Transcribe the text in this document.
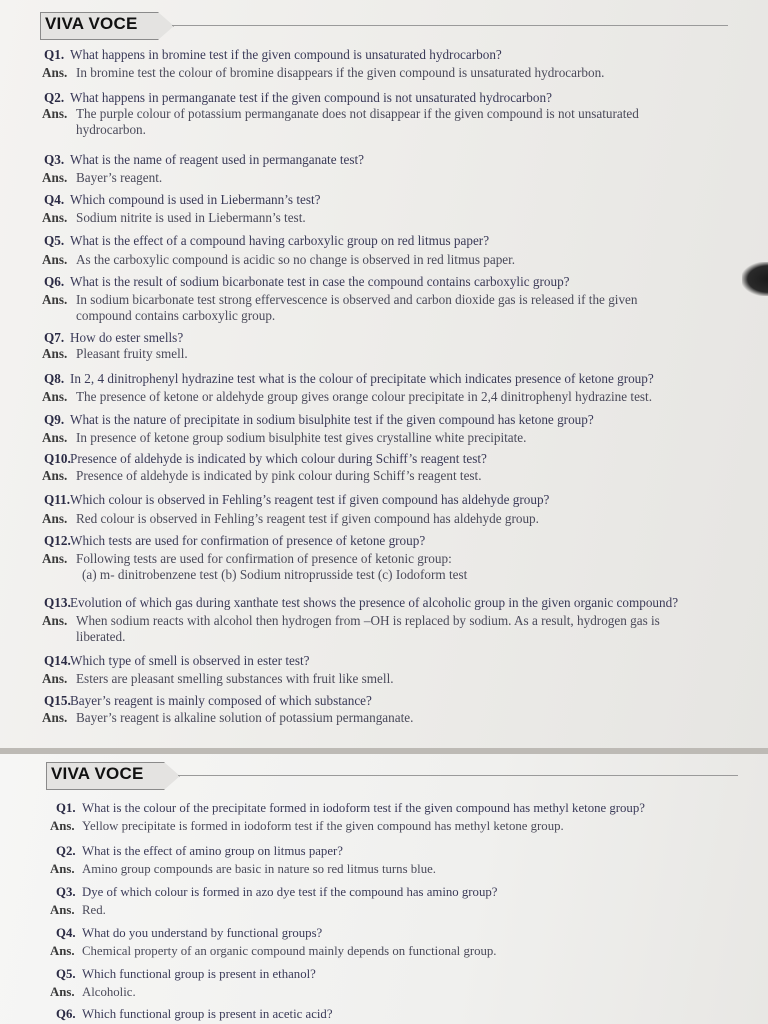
VIVA VOCE
Q1. What happens in bromine test if the given compound is unsaturated hydrocarbon?
Ans. In bromine test the colour of bromine disappears if the given compound is unsaturated hydrocarbon.
Q2. What happens in permanganate test if the given compound is not unsaturated hydrocarbon?
Ans. The purple colour of potassium permanganate does not disappear if the given compound is not unsaturated
hydrocarbon.
Q3. What is the name of reagent used in permanganate test?
Ans. Bayer’s reagent.
Q4. Which compound is used in Liebermann’s test?
Ans. Sodium nitrite is used in Liebermann’s test.
Q5. What is the effect of a compound having carboxylic group on red litmus paper?
Ans. As the carboxylic compound is acidic so no change is observed in red litmus paper.
Q6. What is the result of sodium bicarbonate test in case the compound contains carboxylic group?
Ans. In sodium bicarbonate test strong effervescence is observed and carbon dioxide gas is released if the given
compound contains carboxylic group.
Q7. How do ester smells?
Ans. Pleasant fruity smell.
Q8. In 2, 4 dinitrophenyl hydrazine test what is the colour of precipitate which indicates presence of ketone group?
Ans. The presence of ketone or aldehyde group gives orange colour precipitate in 2,4 dinitrophenyl hydrazine test.
Q9. What is the nature of precipitate in sodium bisulphite test if the given compound has ketone group?
Ans. In presence of ketone group sodium bisulphite test gives crystalline white precipitate.
Q10.Presence of aldehyde is indicated by which colour during Schiff’s reagent test?
Ans. Presence of aldehyde is indicated by pink colour during Schiff’s reagent test.
Q11.Which colour is observed in Fehling’s reagent test if given compound has aldehyde group?
Ans. Red colour is observed in Fehling’s reagent test if given compound has aldehyde group.
Q12.Which tests are used for confirmation of presence of ketone group?
Ans. Following tests are used for confirmation of presence of ketonic group:
(a) m- dinitrobenzene test (b) Sodium nitroprusside test (c) Iodoform test
Q13.Evolution of which gas during xanthate test shows the presence of alcoholic group in the given organic compound?
Ans. When sodium reacts with alcohol then hydrogen from –OH is replaced by sodium. As a result, hydrogen gas is
liberated.
Q14.Which type of smell is observed in ester test?
Ans. Esters are pleasant smelling substances with fruit like smell.
Q15.Bayer’s reagent is mainly composed of which substance?
Ans. Bayer’s reagent is alkaline solution of potassium permanganate.
VIVA VOCE
Q1. What is the colour of the precipitate formed in iodoform test if the given compound has methyl ketone group?
Ans. Yellow precipitate is formed in iodoform test if the given compound has methyl ketone group.
Q2. What is the effect of amino group on litmus paper?
Ans. Amino group compounds are basic in nature so red litmus turns blue.
Q3. Dye of which colour is formed in azo dye test if the compound has amino group?
Ans. Red.
Q4. What do you understand by functional groups?
Ans. Chemical property of an organic compound mainly depends on functional group.
Q5. Which functional group is present in ethanol?
Ans. Alcoholic.
Q6. Which functional group is present in acetic acid?
